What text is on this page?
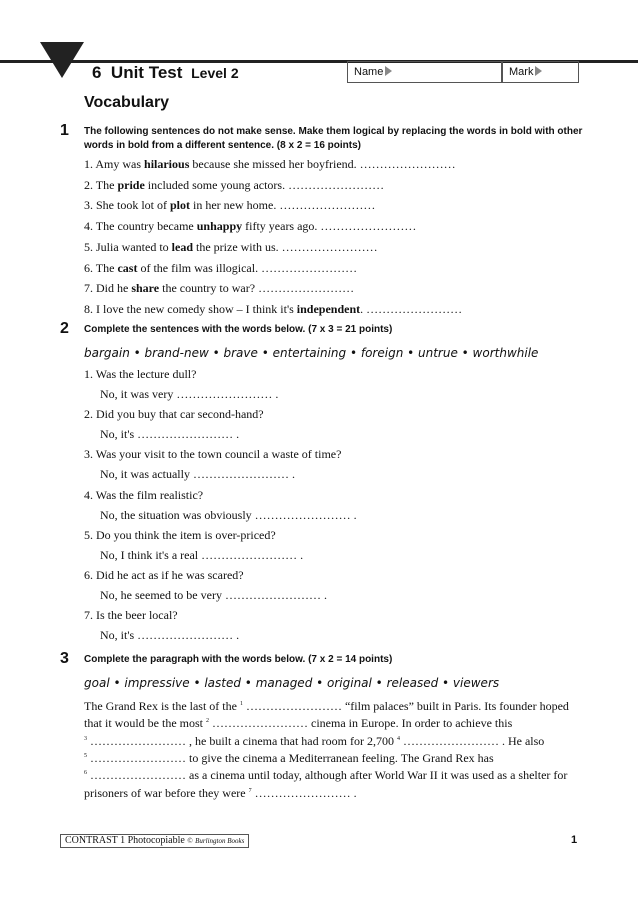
6 Unit Test Level 2	Name	Mark
Vocabulary
1 The following sentences do not make sense. Make them logical by replacing the words in bold with other words in bold from a different sentence. (8 x 2 = 16 points)
1. Amy was hilarious because she missed her boyfriend. ……………………
2. The pride included some young actors. ……………………
3. She took lot of plot in her new home. ……………………
4. The country became unhappy fifty years ago. ……………………
5. Julia wanted to lead the prize with us. ……………………
6. The cast of the film was illogical. ……………………
7. Did he share the country to war? ……………………
8. I love the new comedy show – I think it's independent. ……………………
2 Complete the sentences with the words below. (7 x 3 = 21 points)
bargain • brand-new • brave • entertaining • foreign • untrue • worthwhile
1. Was the lecture dull?
No, it was very …………………… .
2. Did you buy that car second-hand?
No, it's …………………… .
3. Was your visit to the town council a waste of time?
No, it was actually …………………… .
4. Was the film realistic?
No, the situation was obviously …………………… .
5. Do you think the item is over-priced?
No, I think it's a real …………………… .
6. Did he act as if he was scared?
No, he seemed to be very …………………… .
7. Is the beer local?
No, it's …………………… .
3 Complete the paragraph with the words below. (7 x 2 = 14 points)
goal • impressive • lasted • managed • original • released • viewers
The Grand Rex is the last of the $^1$ …………………… “film palaces” built in Paris. Its founder hoped
that it would be the most $^2$ …………………… cinema in Europe. In order to achieve this
$^3$ …………………… , he built a cinema that had room for 2,700 $^4$ …………………… . He also
$^5$ …………………… to give the cinema a Mediterranean feeling. The Grand Rex has
$^6$ …………………… as a cinema until today, although after World War II it was used as a shelter for
prisoners of war before they were $^7$ …………………… .
CONTRAST 1 Photocopiable © Burlington Books	1
